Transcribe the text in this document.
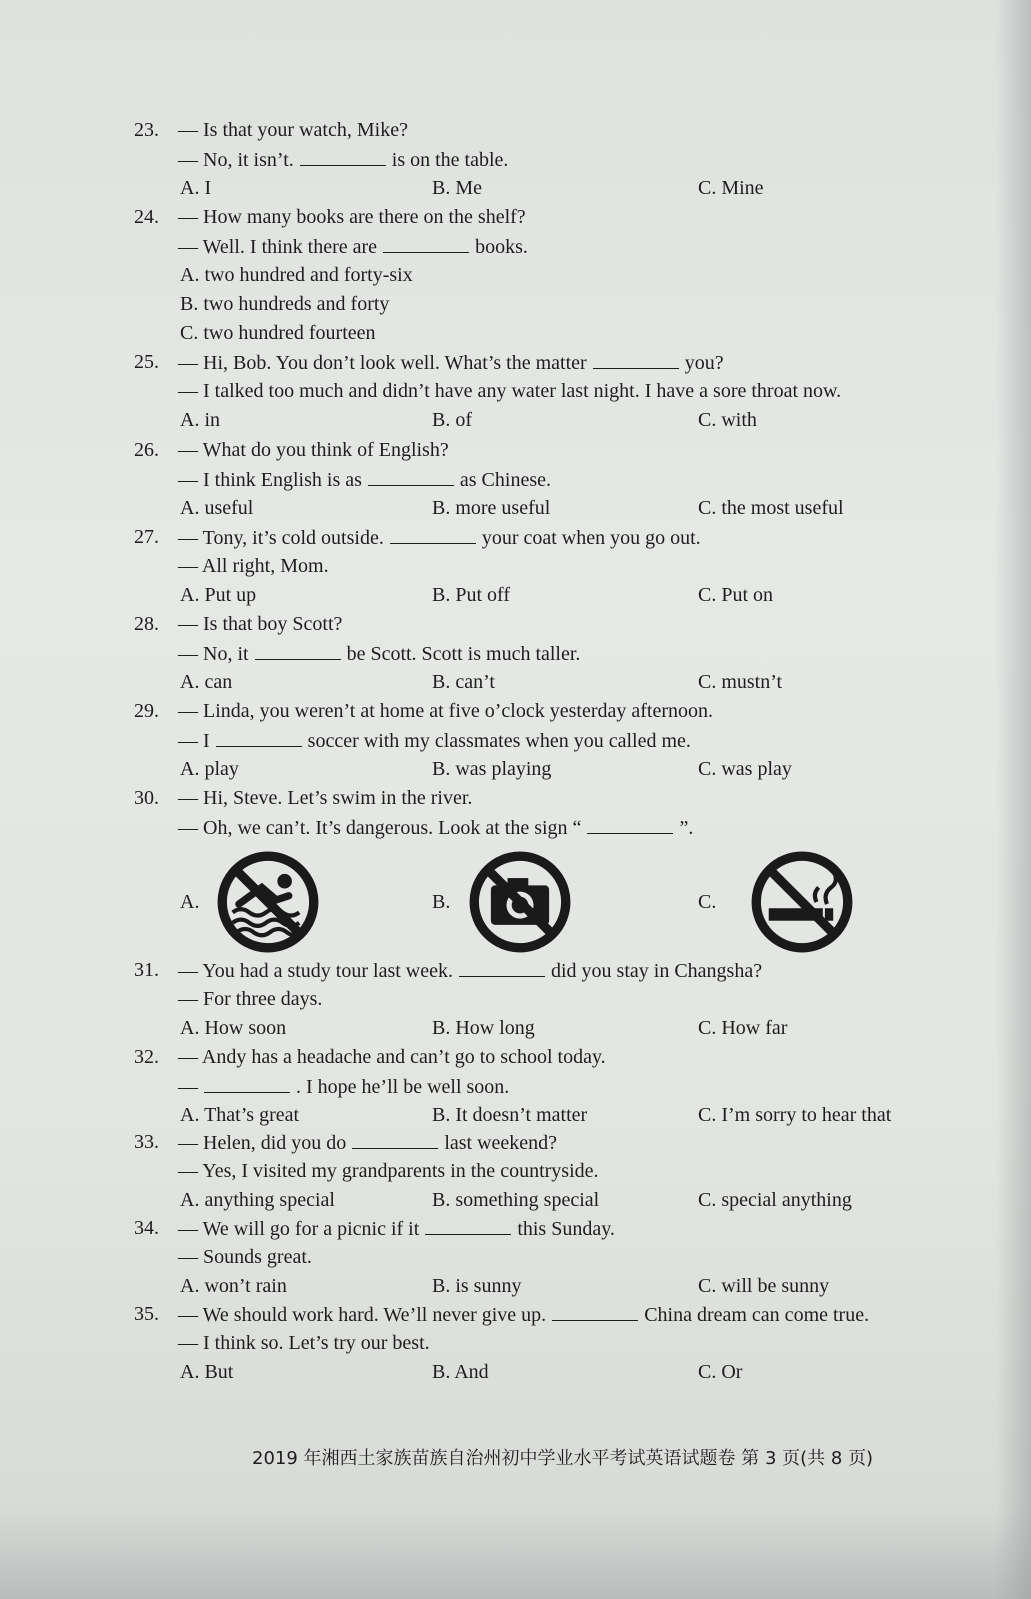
23. — Is that your watch, Mike?
— No, it isn’t.	is on the table.
A. I	B. Me	C. Mine
24. — How many books are there on the shelf?
— Well. I think there are	books.
A. two hundred and forty-six
B. two hundreds and forty
C. two hundred fourteen
25. — Hi, Bob. You don’t look well. What’s the matter	you?
— I talked too much and didn’t have any water last night. I have a sore throat now.
A. in	B. of	C. with
26. — What do you think of English?
— I think English is as	as Chinese.
A. useful	B. more useful	C. the most useful
27. — Tony, it’s cold outside.	your coat when you go out.
— All right, Mom.
A. Put up	B. Put off	C. Put on
28. — Is that boy Scott?
— No, it	be Scott. Scott is much taller.
A. can	B. can’t	C. mustn’t
29. — Linda, you weren’t at home at five o’clock yesterday afternoon.
— I	soccer with my classmates when you called me.
A. play	B. was playing	C. was play
30. — Hi, Steve. Let’s swim in the river.
— Oh, we can’t. It’s dangerous. Look at the sign “	”.
A.	B.	C.
31. — You had a study tour last week.	did you stay in Changsha?
— For three days.
A. How soon	B. How long	C. How far
32. — Andy has a headache and can’t go to school today.
—	. I hope he’ll be well soon.
A. That’s great	B. It doesn’t matter	C. I’m sorry to hear that
33. — Helen, did you do	last weekend?
— Yes, I visited my grandparents in the countryside.
A. anything special	B. something special	C. special anything
34. — We will go for a picnic if it	this Sunday.
— Sounds great.
A. won’t rain	B. is sunny	C. will be sunny
35. — We should work hard. We’ll never give up.	China dream can come true.
— I think so. Let’s try our best.
A. But	B. And	C. Or
2019 年湘西土家族苗族自治州初中学业水平考试英语试题卷 第 3 页(共 8 页)
